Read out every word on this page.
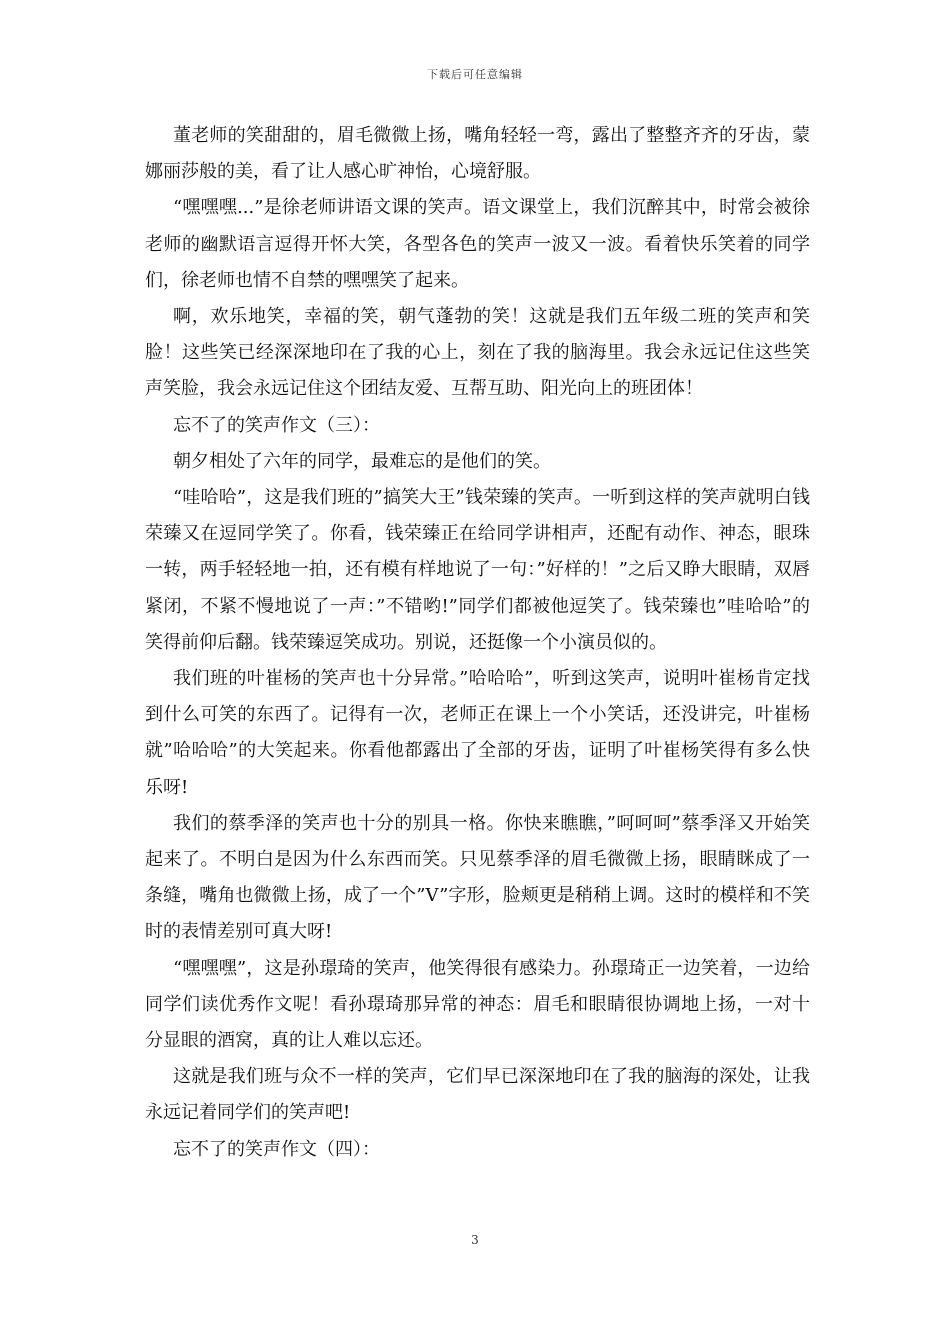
下载后可任意编辑

董老师的笑甜甜的，眉毛微微上扬，嘴角轻轻一弯，露出了整整齐齐的牙齿，蒙娜丽莎般的美，看了让人感心旷神怡，心境舒服。

“嘿嘿嘿...”是徐老师讲语文课的笑声。语文课堂上，我们沉醉其中，时常会被徐老师的幽默语言逗得开怀大笑，各型各色的笑声一波又一波。看着快乐笑着的同学们，徐老师也情不自禁的嘿嘿笑了起来。

啊，欢乐地笑，幸福的笑，朝气蓬勃的笑！这就是我们五年级二班的笑声和笑脸！这些笑已经深深地印在了我的心上，刻在了我的脑海里。我会永远记住这些笑声笑脸，我会永远记住这个团结友爱、互帮互助、阳光向上的班团体！

忘不了的笑声作文（三）：

朝夕相处了六年的同学，最难忘的是他们的笑。

“哇哈哈”，这是我们班的”搞笑大王”钱荣臻的笑声。一听到这样的笑声就明白钱荣臻又在逗同学笑了。你看，钱荣臻正在给同学讲相声，还配有动作、神态，眼珠一转，两手轻轻地一拍，还有模有样地说了一句：”好样的！”之后又睁大眼睛，双唇紧闭，不紧不慢地说了一声：”不错哟!”同学们都被他逗笑了。钱荣臻也”哇哈哈”的笑得前仰后翻。钱荣臻逗笑成功。别说，还挺像一个小演员似的。

我们班的叶崔杨的笑声也十分异常。”哈哈哈”，听到这笑声，说明叶崔杨肯定找到什么可笑的东西了。记得有一次，老师正在课上一个小笑话，还没讲完，叶崔杨就”哈哈哈”的大笑起来。你看他都露出了全部的牙齿，证明了叶崔杨笑得有多么快乐呀!

我们的蔡季泽的笑声也十分的别具一格。你快来瞧瞧，”呵呵呵”蔡季泽又开始笑起来了。不明白是因为什么东西而笑。只见蔡季泽的眉毛微微上扬，眼睛眯成了一条缝，嘴角也微微上扬，成了一个”V”字形，脸颊更是稍稍上调。这时的模样和不笑时的表情差别可真大呀!

“嘿嘿嘿”，这是孙璟琦的笑声，他笑得很有感染力。孙璟琦正一边笑着，一边给同学们读优秀作文呢！看孙璟琦那异常的神态：眉毛和眼睛很协调地上扬，一对十分显眼的酒窝，真的让人难以忘还。

这就是我们班与众不一样的笑声，它们早已深深地印在了我的脑海的深处，让我永远记着同学们的笑声吧!

忘不了的笑声作文（四）：

3
